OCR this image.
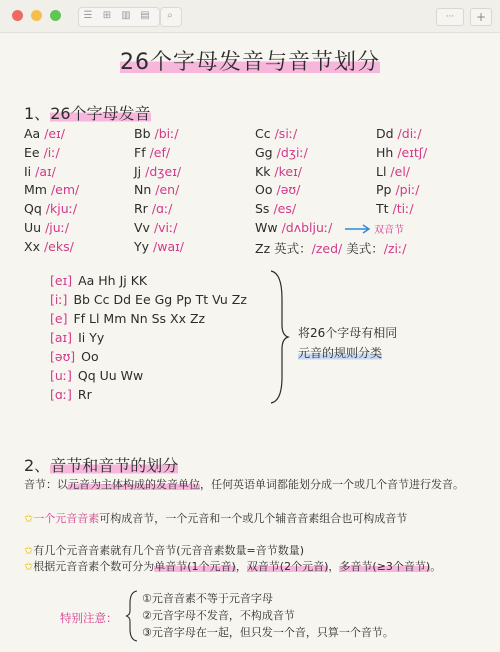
☰	⊞	▥ ▤	⌕	···	+
26个字母发音与音节划分
1、26个字母发音
Aa /eɪ/	Bb /biː/	Cc /siː/	Dd /diː/
Ee /iː/	Ff /ef/	Gg /dʒiː/	Hh /eɪtʃ/
Ii /aɪ/	Jj /dʒeɪ/	Kk /keɪ/	Ll /el/
Mm /em/	Nn /en/	Oo /əʊ/	Pp /piː/
Qq /kjuː/	Rr /ɑː/	Ss /es/	Tt /tiː/
Uu /juː/	Vv /viː/	Ww /dʌbljuː/
Xx /eks/	Yy /waɪ/
双音节
Zz 英式：/zed/ 美式：/ziː/
[eɪ] Aa Hh Jj KK
[iː] Bb Cc Dd Ee Gg Pp Tt Vu Zz
[e] Ff Ll Mm Nn Ss Xx Zz
[aɪ] Ii Yy
[əʊ] Oo
[uː] Qq Uu Ww
[ɑː] Rr
将26个字母有相同
元音的规则分类
2、音节和音节的划分
音节：以元音为主体构成的发音单位，任何英语单词都能划分成一个或几个音节进行发音。
✩一个元音音素可构成音节，一个元音和一个或几个辅音音素组合也可构成音节
✩有几个元音音素就有几个音节(元音音素数量=音节数量)
✩根据元音音素个数可分为单音节(1个元音)，双音节(2个元音)，多音节(≥3个音节)。
特别注意：
①元音音素不等于元音字母
②元音字母不发音，不构成音节
③元音字母在一起，但只发一个音，只算一个音节。
